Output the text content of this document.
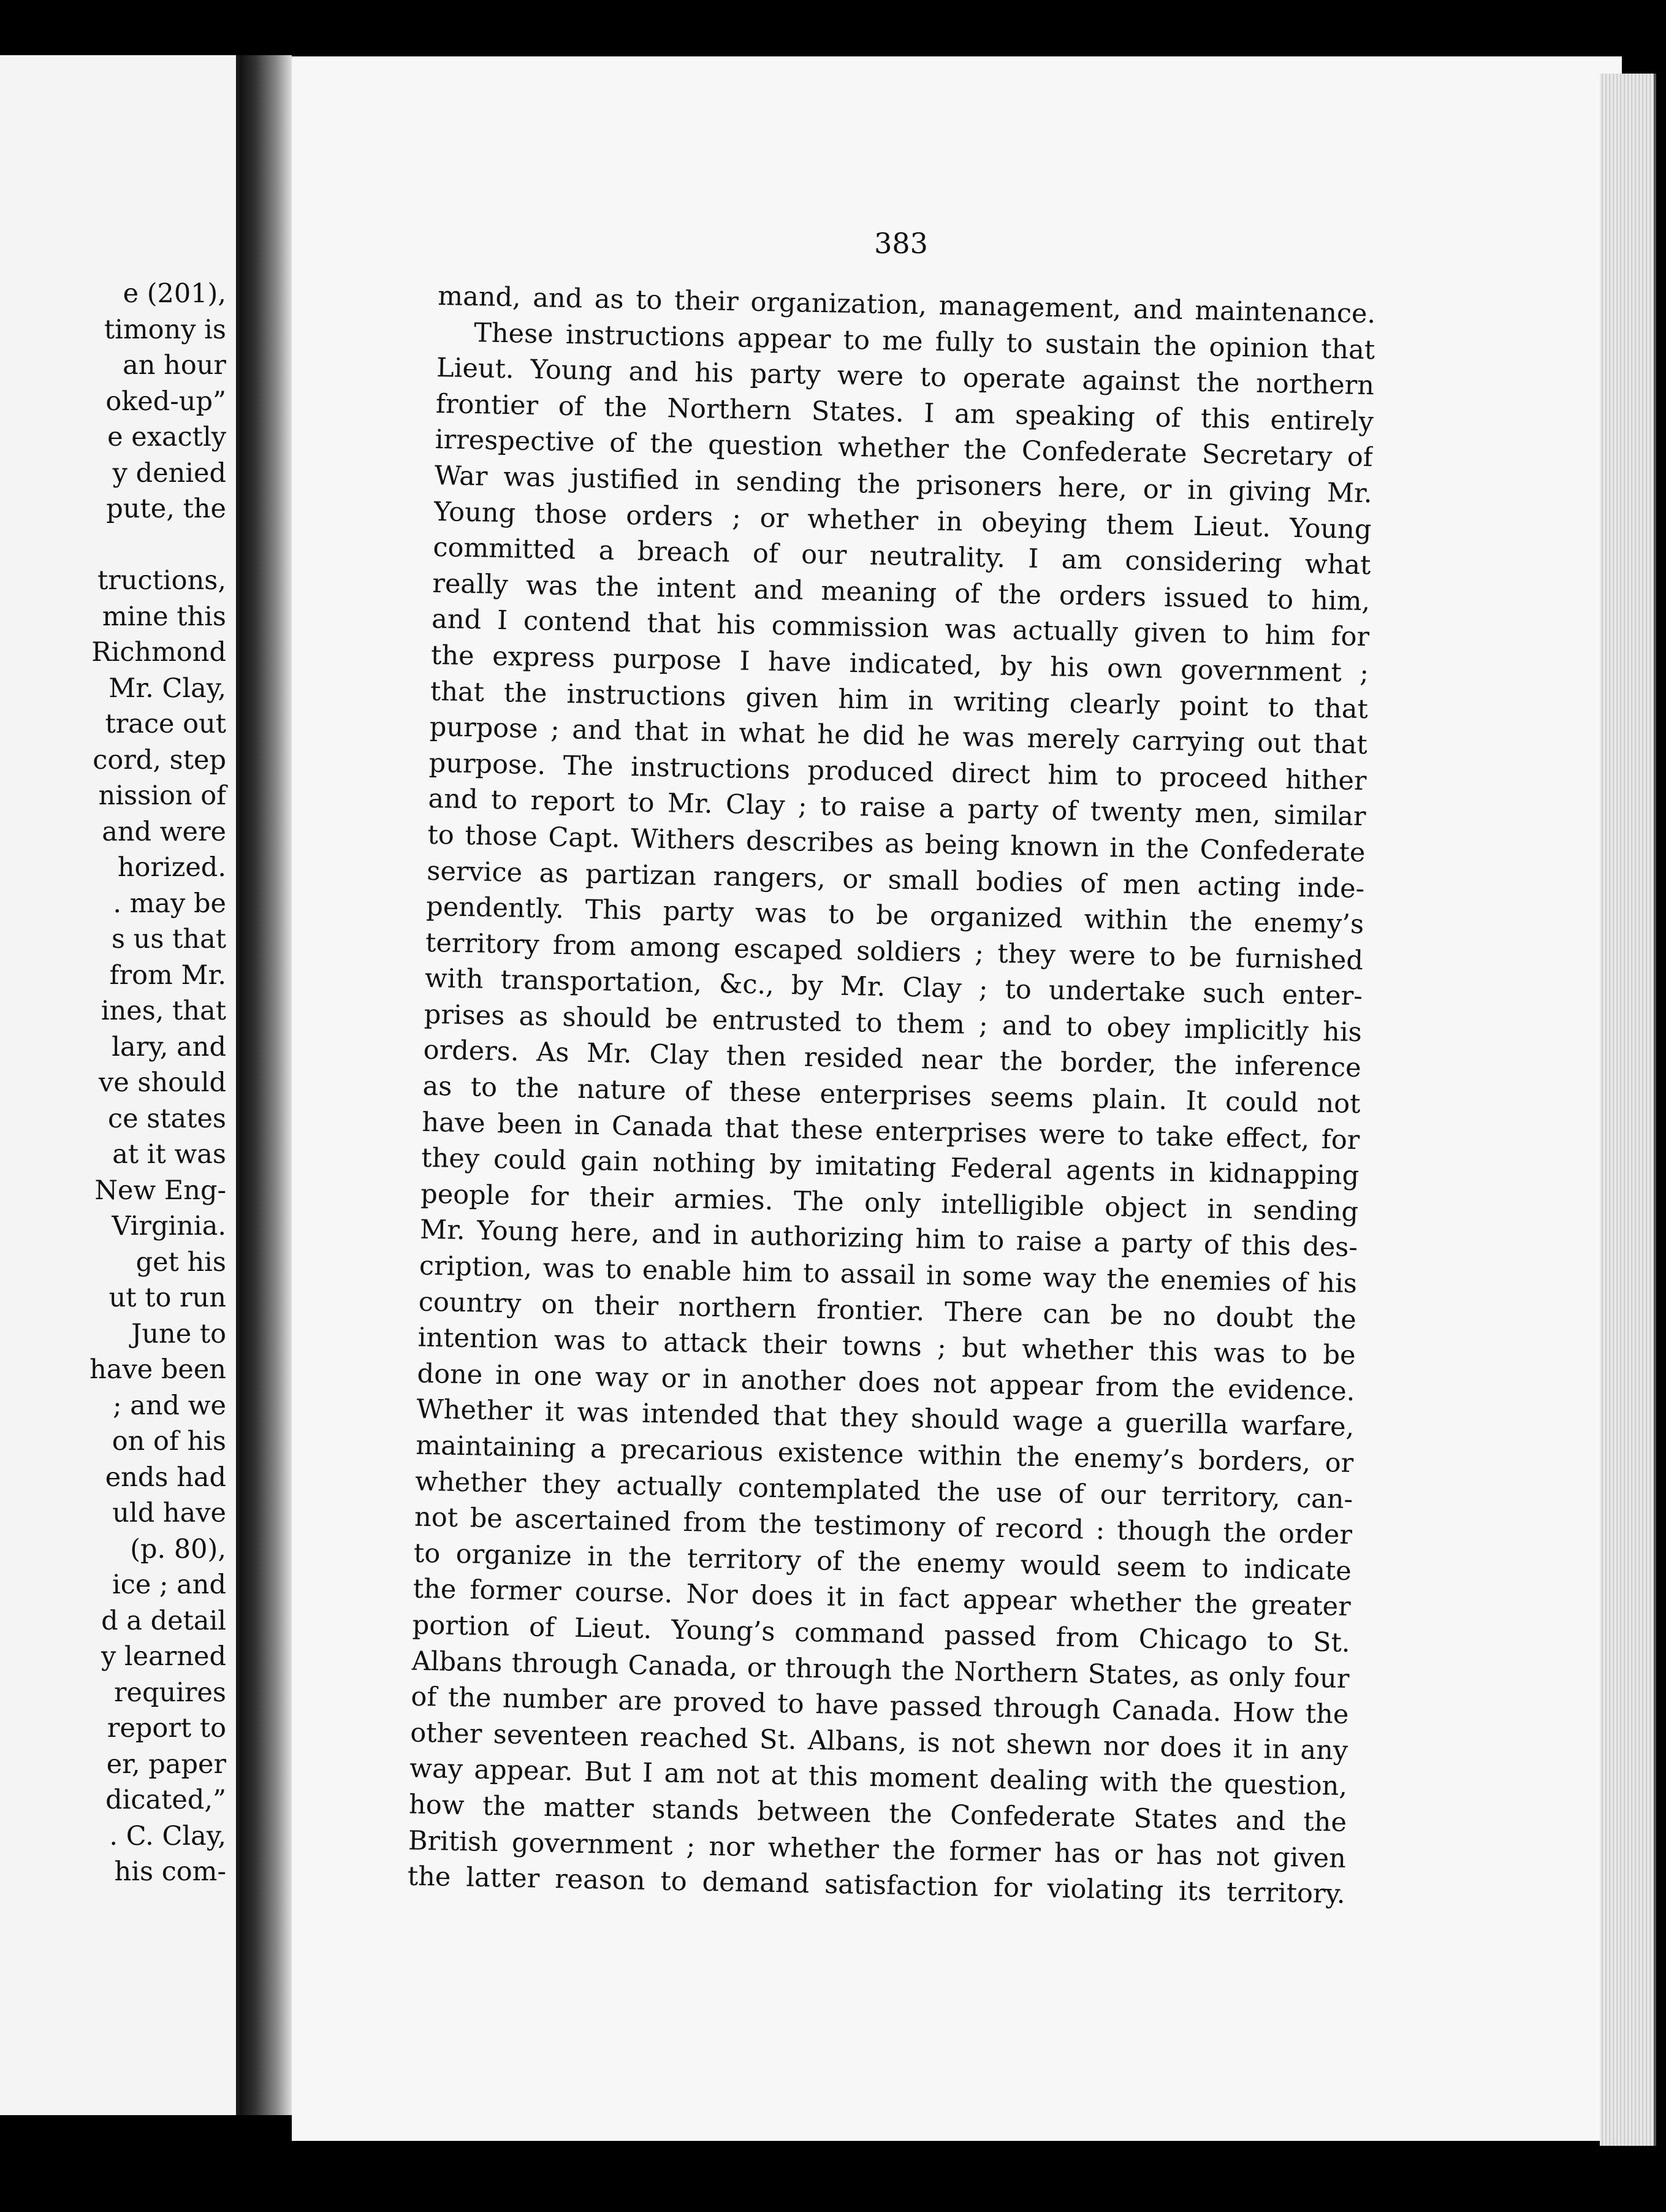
e (201),
timony is
an hour
oked-up”
e exactly
y denied
pute, the
tructions,
mine this
Richmond
Mr. Clay,
trace out
cord, step
nission of
and were
horized.
. may be
s us that
from Mr.
ines, that
lary, and
ve should
ce states
at it was
New Eng-
Virginia.
get his
ut to run
June to
have been
; and we
on of his
ends had
uld have
(p. 80),
ice ; and
d a detail
y learned
requires
report to
er, paper
dicated,”
. C. Clay,
his com-
383
mand, and as to their organization, management, and maintenance.
These instructions appear to me fully to sustain the opinion that
Lieut. Young and his party were to operate against the northern
frontier of the Northern States. I am speaking of this entirely
irrespective of the question whether the Confederate Secretary of
War was justified in sending the prisoners here, or in giving Mr.
Young those orders ; or whether in obeying them Lieut. Young
committed a breach of our neutrality. I am considering what
really was the intent and meaning of the orders issued to him,
and I contend that his commission was actually given to him for
the express purpose I have indicated, by his own government ;
that the instructions given him in writing clearly point to that
purpose ; and that in what he did he was merely carrying out that
purpose. The instructions produced direct him to proceed hither
and to report to Mr. Clay ; to raise a party of twenty men, similar
to those Capt. Withers describes as being known in the Confederate
service as partizan rangers, or small bodies of men acting inde-
pendently. This party was to be organized within the enemy’s
territory from among escaped soldiers ; they were to be furnished
with transportation, &c., by Mr. Clay ; to undertake such enter-
prises as should be entrusted to them ; and to obey implicitly his
orders. As Mr. Clay then resided near the border, the inference
as to the nature of these enterprises seems plain. It could not
have been in Canada that these enterprises were to take effect, for
they could gain nothing by imitating Federal agents in kidnapping
people for their armies. The only intelligible object in sending
Mr. Young here, and in authorizing him to raise a party of this des-
cription, was to enable him to assail in some way the enemies of his
country on their northern frontier. There can be no doubt the
intention was to attack their towns ; but whether this was to be
done in one way or in another does not appear from the evidence.
Whether it was intended that they should wage a guerilla warfare,
maintaining a precarious existence within the enemy’s borders, or
whether they actually contemplated the use of our territory, can-
not be ascertained from the testimony of record : though the order
to organize in the territory of the enemy would seem to indicate
the former course. Nor does it in fact appear whether the greater
portion of Lieut. Young’s command passed from Chicago to St.
Albans through Canada, or through the Northern States, as only four
of the number are proved to have passed through Canada. How the
other seventeen reached St. Albans, is not shewn nor does it in any
way appear. But I am not at this moment dealing with the question,
how the matter stands between the Confederate States and the
British government ; nor whether the former has or has not given
the latter reason to demand satisfaction for violating its territory.
